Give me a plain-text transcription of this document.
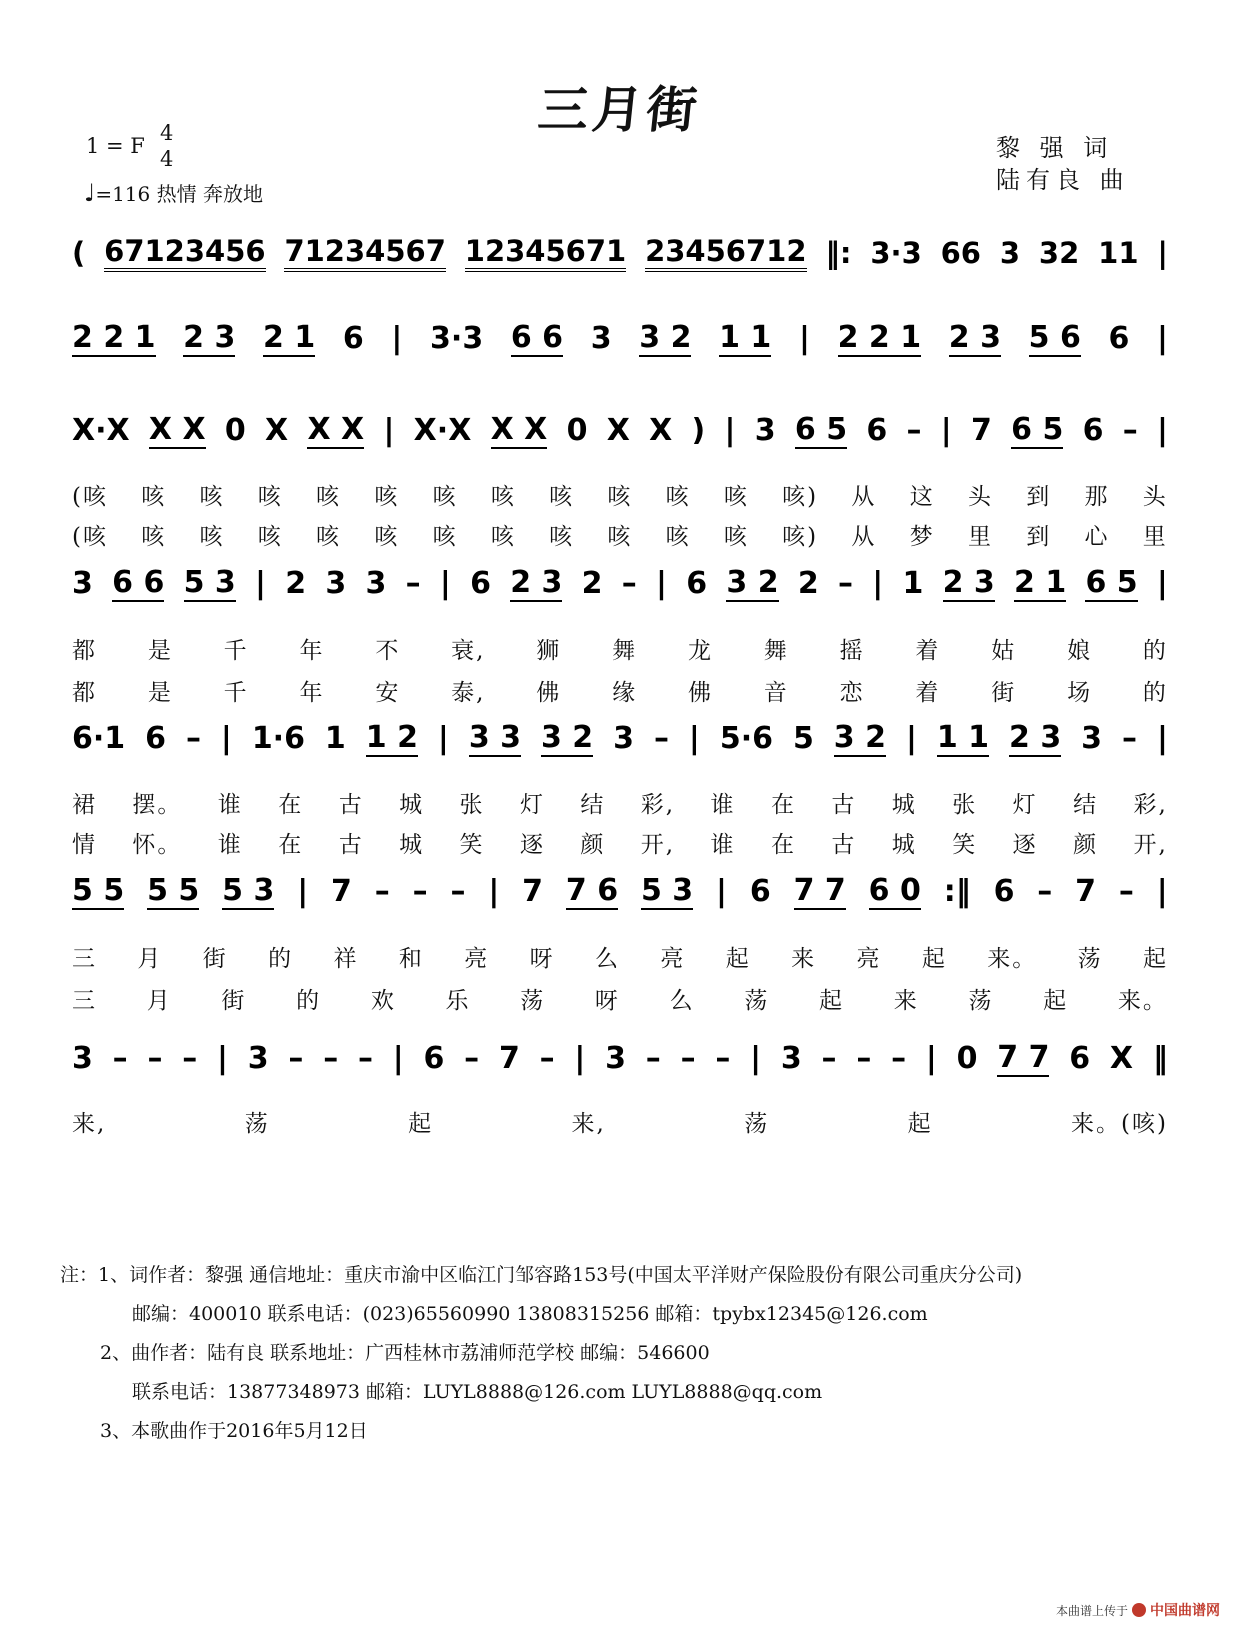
三月街
1 = F
4
4
♩=116 热情 奔放地
黎 强 词
陆有良 曲
( 67123456 71234567 12345671 23456712 ‖: 3·3 66 3 32 11 |
2 2 1 2 3 2 1 6 | 3·3 6 6 3 3 2 1 1 | 2 2 1 2 3 5 6 6 |
X·X X X 0 X X X | X·X X X 0 X X ) | 3 6 5 6 – | 7 6 5 6 – |
(咳 咳 咳 咳 咳 咳 咳 咳 咳 咳 咳 咳 咳) 从 这 头 到 那 头
(咳 咳 咳 咳 咳 咳 咳 咳 咳 咳 咳 咳 咳) 从 梦 里 到 心 里
3 6 6 5 3 | 2 3 3 – | 6 2 3 2 – | 6 3 2 2 – | 1 2 3 2 1 6 5 |
都 是 千 年 不 衰, 狮 舞 龙 舞 摇 着 姑 娘 的
都 是 千 年 安 泰, 佛 缘 佛 音 恋 着 街 场 的
6·1 6 – | 1·6 1 1 2 | 3 3 3 2 3 – | 5·6 5 3 2 | 1 1 2 3 3 – |
裙 摆。 谁 在 古 城 张 灯 结 彩, 谁 在 古 城 张 灯 结 彩,
情 怀。 谁 在 古 城 笑 逐 颜 开, 谁 在 古 城 笑 逐 颜 开,
5 5 5 5 5 3 | 7 – – – | 7 7 6 5 3 | 6 7 7 6 0 :‖ 6 – 7 – |
三 月 街 的 祥 和 亮 呀 么 亮 起 来 亮 起 来。 荡 起
三 月 街 的 欢 乐 荡 呀 么 荡 起 来 荡 起 来。
3 – – – | 3 – – – | 6 – 7 – | 3 – – – | 3 – – – | 0 7 7 6 X ‖
来,	荡	起	来,	荡	起	来。(咳)
注：1、词作者：黎强 通信地址：重庆市渝中区临江门邹容路153号(中国太平洋财产保险股份有限公司重庆分公司)
邮编：400010 联系电话：(023)65560990 13808315256 邮箱：tpybx12345@126.com
2、曲作者：陆有良 联系地址：广西桂林市荔浦师范学校 邮编：546600
联系电话：13877348973 邮箱：LUYL8888@126.com LUYL8888@qq.com
3、本歌曲作于2016年5月12日
本曲谱上传于 中国曲谱网
